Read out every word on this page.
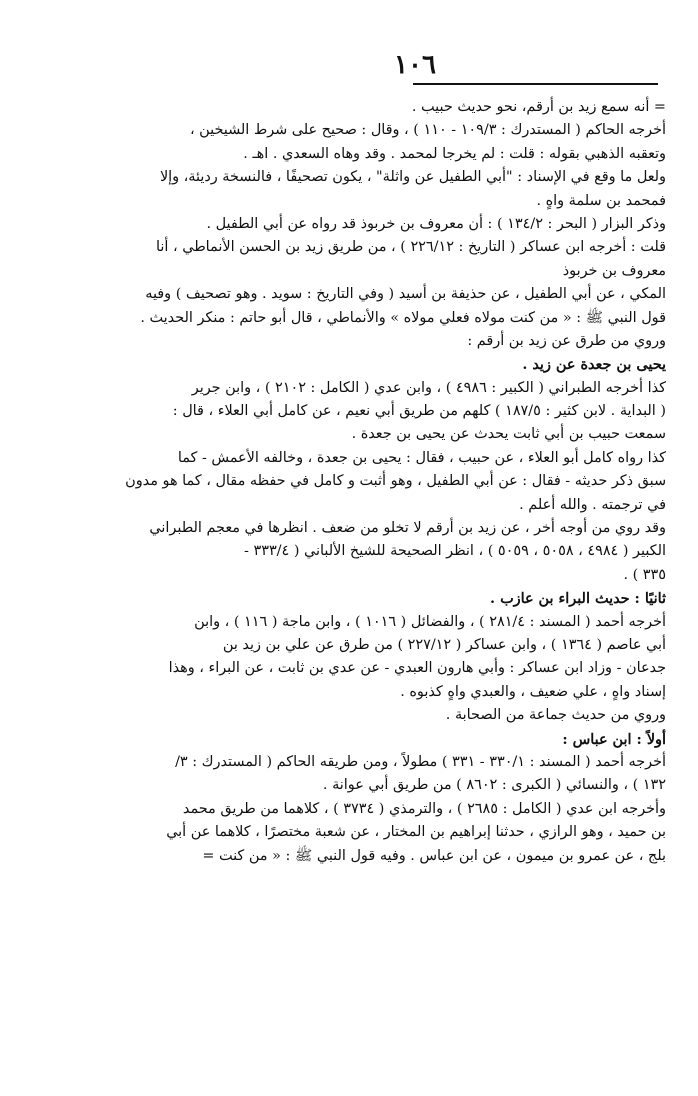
١٠٦
= أنه سمع زيد بن أرقم، نحو حديث حبيب .
أخرجه الحاكم ( المستدرك : ١٠٩/٣ - ١١٠ ) ، وقال : صحيح على شرط الشيخين ،
وتعقبه الذهبي بقوله : قلت : لم يخرجا لمحمد . وقد وهاه السعدي . اهـ .
ولعل ما وقع في الإسناد : "أبي الطفيل عن واثلة" ، يكون تصحيفًا ، فالنسخة رديئة، وإلا
فمحمد بن سلمة واهٍ .
وذكر البزار ( البحر : ١٣٤/٢ ) : أن معروف بن خربوذ قد رواه عن أبي الطفيل .
قلت : أخرجه ابن عساكر ( التاريخ : ٢٢٦/١٢ ) ، من طريق زيد بن الحسن الأنماطي ، أنا
معروف بن خربوذ
المكي ، عن أبي الطفيل ، عن حذيفة بن أسيد ( وفي التاريخ : سويد . وهو تصحيف ) وفيه
قول النبي ﷺ : « من كنت مولاه فعلي مولاه » والأنماطي ، قال أبو حاتم : منكر الحديث .
وروي من طرق عن زيد بن أرقم :
يحيى بن جعدة عن زيد .
كذا أخرجه الطبراني ( الكبير : ٤٩٨٦ ) ، وابن عدي ( الكامل : ٢١٠٢ ) ، وابن جرير
( البداية . لابن كثير : ١٨٧/٥ ) كلهم من طريق أبي نعيم ، عن كامل أبي العلاء ، قال :
سمعت حبيب بن أبي ثابت يحدث عن يحيى بن جعدة .
كذا رواه كامل أبو العلاء ، عن حبيب ، فقال : يحيى بن جعدة ، وخالفه الأعمش - كما
سبق ذكر حديثه - فقال : عن أبي الطفيل ، وهو أثبت و كامل في حفظه مقال ، كما هو مدون
في ترجمته . والله أعلم .
وقد روي من أوجه أخر ، عن زيد بن أرقم لا تخلو من ضعف . انظرها في معجم الطبراني
الكبير ( ٤٩٨٤ ، ٥٠٥٨ ، ٥٠٥٩ ) ، انظر الصحيحة للشيخ الألباني ( ٣٣٣/٤ -
٣٣٥ ) .
ثانيًا : حديث البراء بن عازب .
أخرجه أحمد ( المسند : ٢٨١/٤ ) ، والفضائل ( ١٠١٦ ) ، وابن ماجة ( ١١٦ ) ، وابن
أبي عاصم ( ١٣٦٤ ) ، وابن عساكر ( ٢٢٧/١٢ ) من طرق عن علي بن زيد بن
جدعان - وزاد ابن عساكر : وأبي هارون العبدي - عن عدي بن ثابت ، عن البراء ، وهذا
إسناد واهٍ ، علي ضعيف ، والعبدي واهٍ كذبوه .
وروي من حديث جماعة من الصحابة .
أولاً : ابن عباس :
أخرجه أحمد ( المسند : ٣٣٠/١ - ٣٣١ ) مطولاً ، ومن طريقه الحاكم ( المستدرك : ٣/
١٣٢ ) ، والنسائي ( الكبرى : ٨٦٠٢ ) من طريق أبي عوانة .
وأخرجه ابن عدي ( الكامل : ٢٦٨٥ ) ، والترمذي ( ٣٧٣٤ ) ، كلاهما من طريق محمد
بن حميد ، وهو الرازي ، حدثنا إبراهيم بن المختار ، عن شعبة مختصرًا ، كلاهما عن أبي
بلج ، عن عمرو بن ميمون ، عن ابن عباس . وفيه قول النبي ﷺ : « من كنت =
